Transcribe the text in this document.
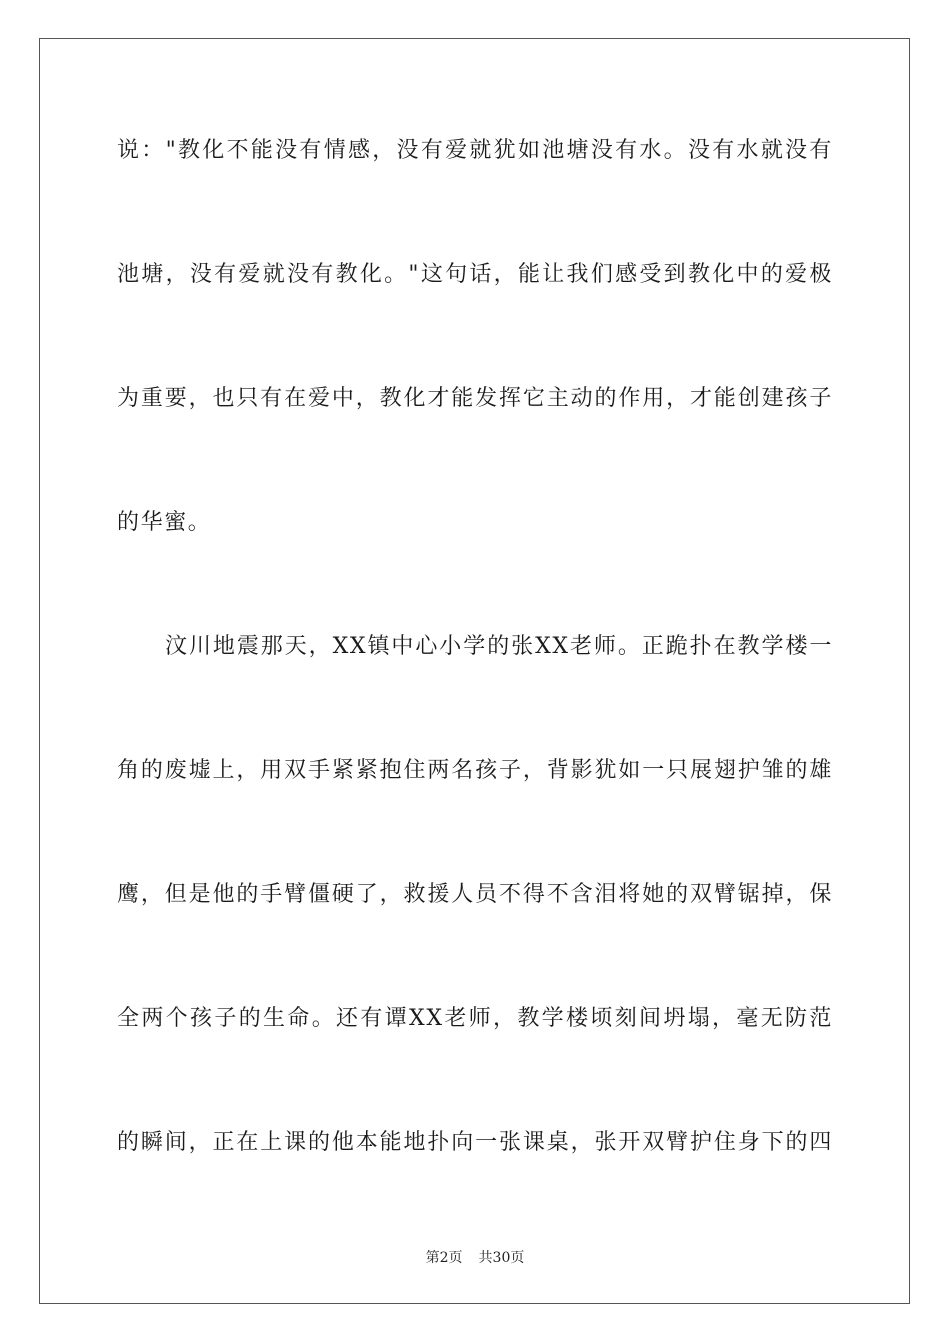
说："教化不能没有情感，没有爱就犹如池塘没有水。没有水就没有
池塘，没有爱就没有教化。"这句话，能让我们感受到教化中的爱极
为重要，也只有在爱中，教化才能发挥它主动的作用，才能创建孩子
的华蜜。
汶川地震那天，XX镇中心小学的张XX老师。正跪扑在教学楼一
角的废墟上，用双手紧紧抱住两名孩子，背影犹如一只展翅护雏的雄
鹰，但是他的手臂僵硬了，救援人员不得不含泪将她的双臂锯掉，保
全两个孩子的生命。还有谭XX老师，教学楼顷刻间坍塌，毫无防范
的瞬间，正在上课的他本能地扑向一张课桌，张开双臂护住身下的四
第2页 共30页
